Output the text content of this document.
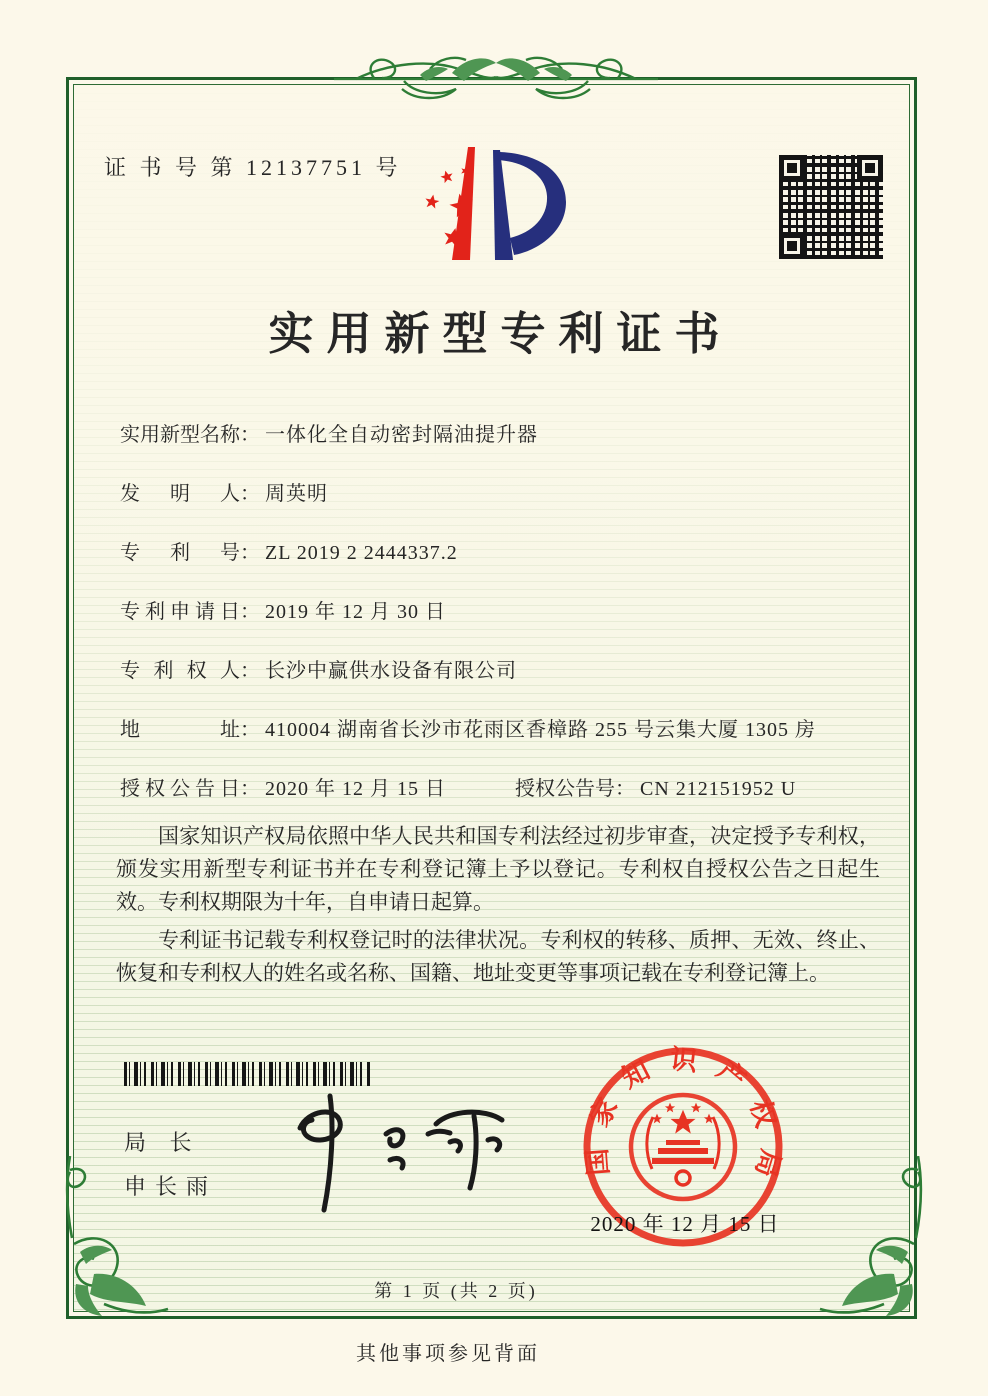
证 书 号 第 12137751 号
实用新型专利证书
实用新型名称： 一体化全自动密封隔油提升器
发明人： 周英明
专利号： ZL 2019 2 2444337.2
专利申请日： 2019 年 12 月 30 日
专利权人： 长沙中赢供水设备有限公司
地址： 410004 湖南省长沙市花雨区香樟路 255 号云集大厦 1305 房
授权公告日： 2020 年 12 月 15 日	授权公告号： CN 212151952 U

国家知识产权局依照中华人民共和国专利法经过初步审查，决定授予专利权，颁发实用新型专利证书并在专利登记簿上予以登记。专利权自授权公告之日起生效。专利权期限为十年，自申请日起算。

专利证书记载专利权登记时的法律状况。专利权的转移、质押、无效、终止、恢复和专利权人的姓名或名称、国籍、地址变更等事项记载在专利登记簿上。

局 长
申长雨
国家知识产权局
2020 年 12 月 15 日
第 1 页 (共 2 页)
其他事项参见背面
